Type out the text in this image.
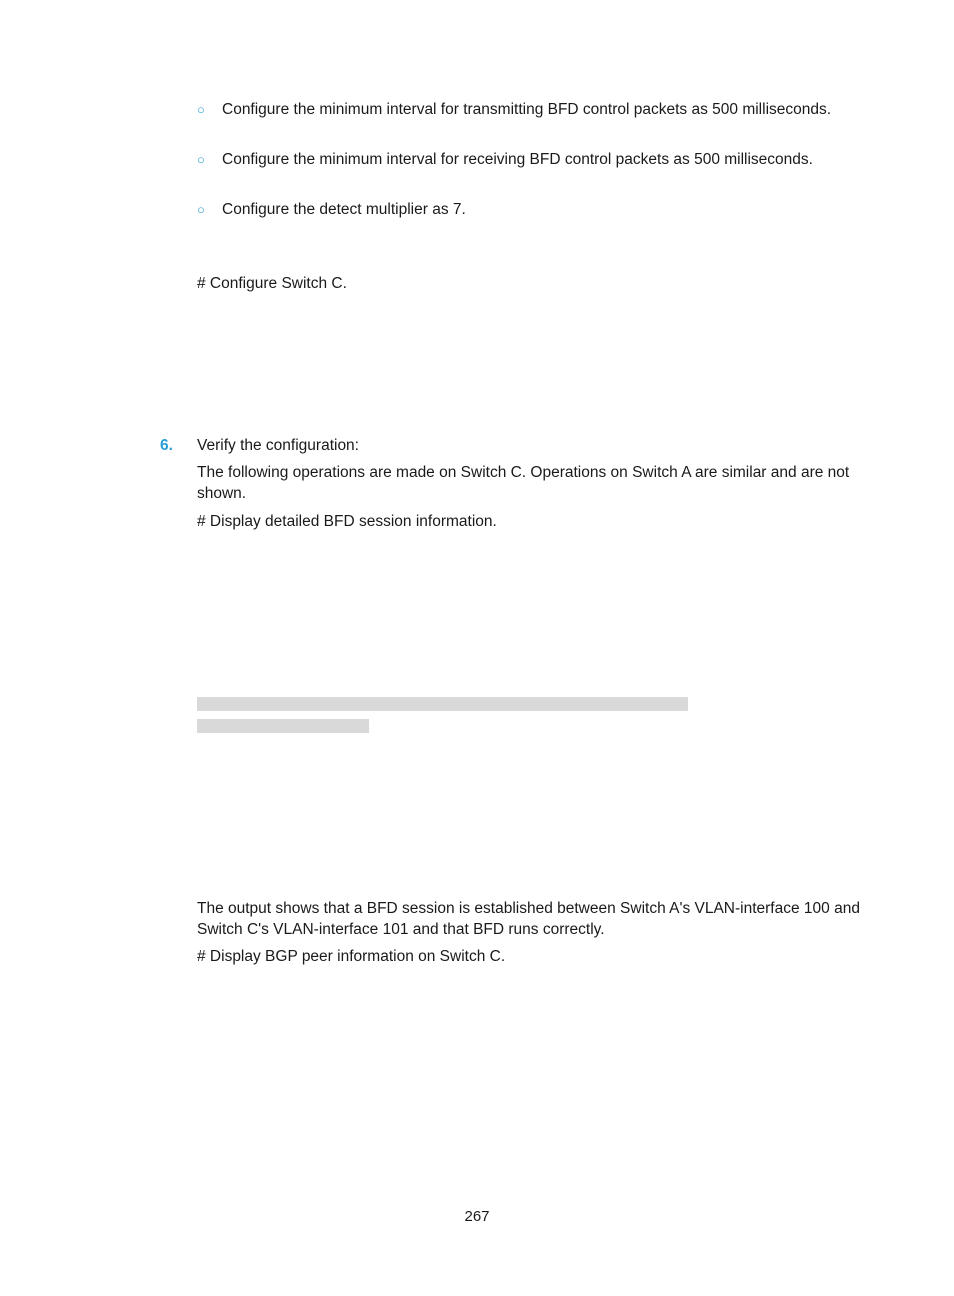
○ Configure the minimum interval for transmitting BFD control packets as 500 milliseconds.
○ Configure the minimum interval for receiving BFD control packets as 500 milliseconds.
○ Configure the detect multiplier as 7.
# Configure Switch C.
6. Verify the configuration:
The following operations are made on Switch C. Operations on Switch A are similar and are not shown.
# Display detailed BFD session information.
The output shows that a BFD session is established between Switch A's VLAN-interface 100 and Switch C's VLAN-interface 101 and that BFD runs correctly.
# Display BGP peer information on Switch C.
267
